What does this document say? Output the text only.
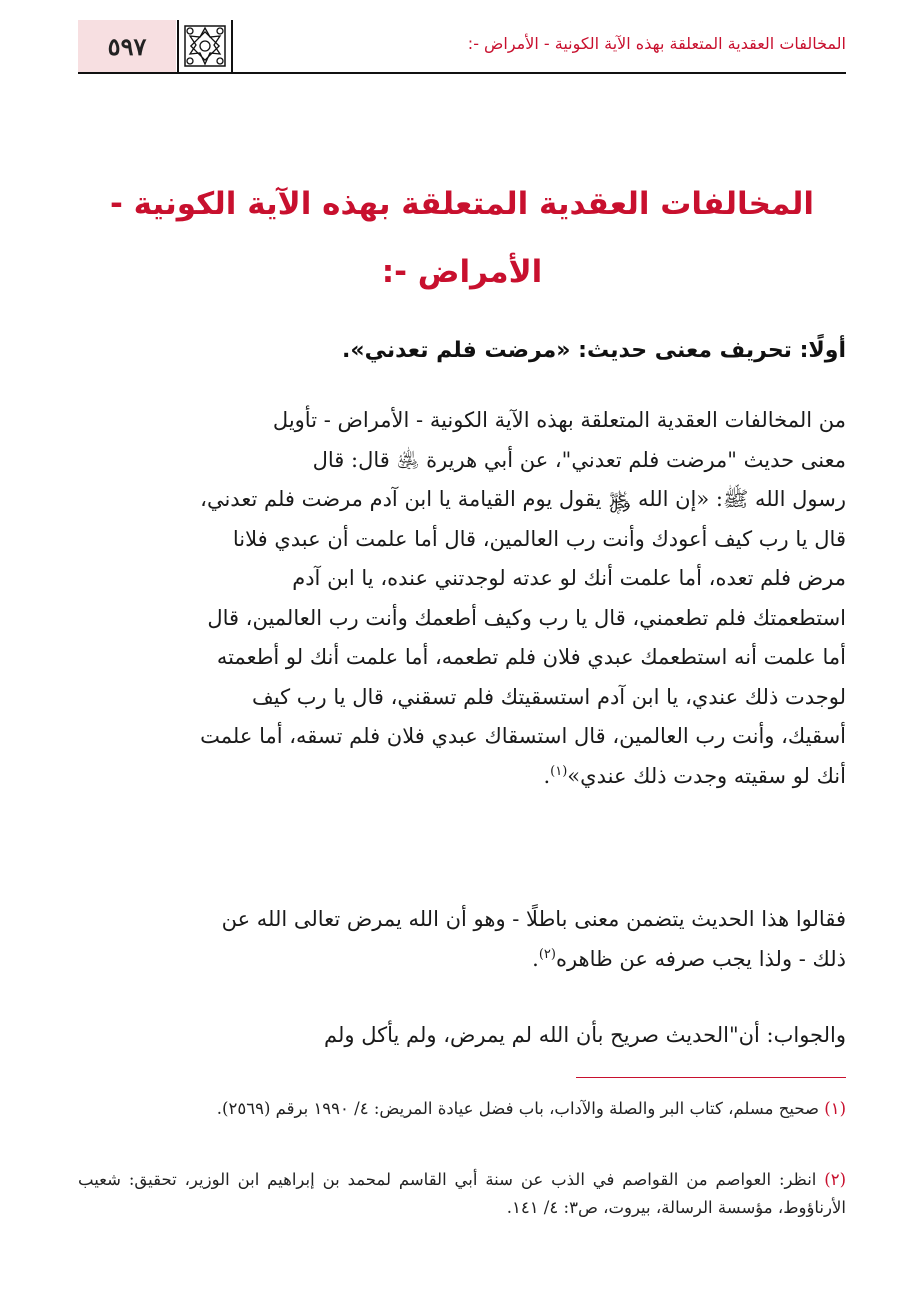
٥٩٧	المخالفات العقدية المتعلقة بهذه الآية الكونية - الأمراض -:
المخالفات العقدية المتعلقة بهذه الآية الكونية -
الأمراض -:
أولًا: تحريف معنى حديث: «مرضت فلم تعدني».
من المخالفات العقدية المتعلقة بهذه الآية الكونية - الأمراض - تأويل
معنى حديث "مرضت فلم تعدني"، عن أبي هريرة ﵁ قال: قال
رسول الله ﷺ: «إن الله ﷿ يقول يوم القيامة يا ابن آدم مرضت فلم تعدني،
قال يا رب كيف أعودك وأنت رب العالمين، قال أما علمت أن عبدي فلانا
مرض فلم تعده، أما علمت أنك لو عدته لوجدتني عنده، يا ابن آدم
استطعمتك فلم تطعمني، قال يا رب وكيف أطعمك وأنت رب العالمين، قال
أما علمت أنه استطعمك عبدي فلان فلم تطعمه، أما علمت أنك لو أطعمته
لوجدت ذلك عندي، يا ابن آدم استسقيتك فلم تسقني، قال يا رب كيف
أسقيك، وأنت رب العالمين، قال استسقاك عبدي فلان فلم تسقه، أما علمت
أنك لو سقيته وجدت ذلك عندي»$^{(١)}$.
فقالوا هذا الحديث يتضمن معنى باطلًا - وهو أن الله يمرض تعالى الله عن
ذلك - ولذا يجب صرفه عن ظاهره$^{(٢)}$.
والجواب: أن"الحديث صريح بأن الله لم يمرض، ولم يأكل ولم
(١) صحيح مسلم، كتاب البر والصلة والآداب، باب فضل عيادة المريض: ٤/ ١٩٩٠ برقم (٢٥٦٩).
(٢) انظر: العواصم من القواصم في الذب عن سنة أبي القاسم لمحمد بن إبراهيم ابن الوزير، تحقيق: شعيب الأرناؤوط، مؤسسة الرسالة، بيروت، ص٣: ٤/ ١٤١.
